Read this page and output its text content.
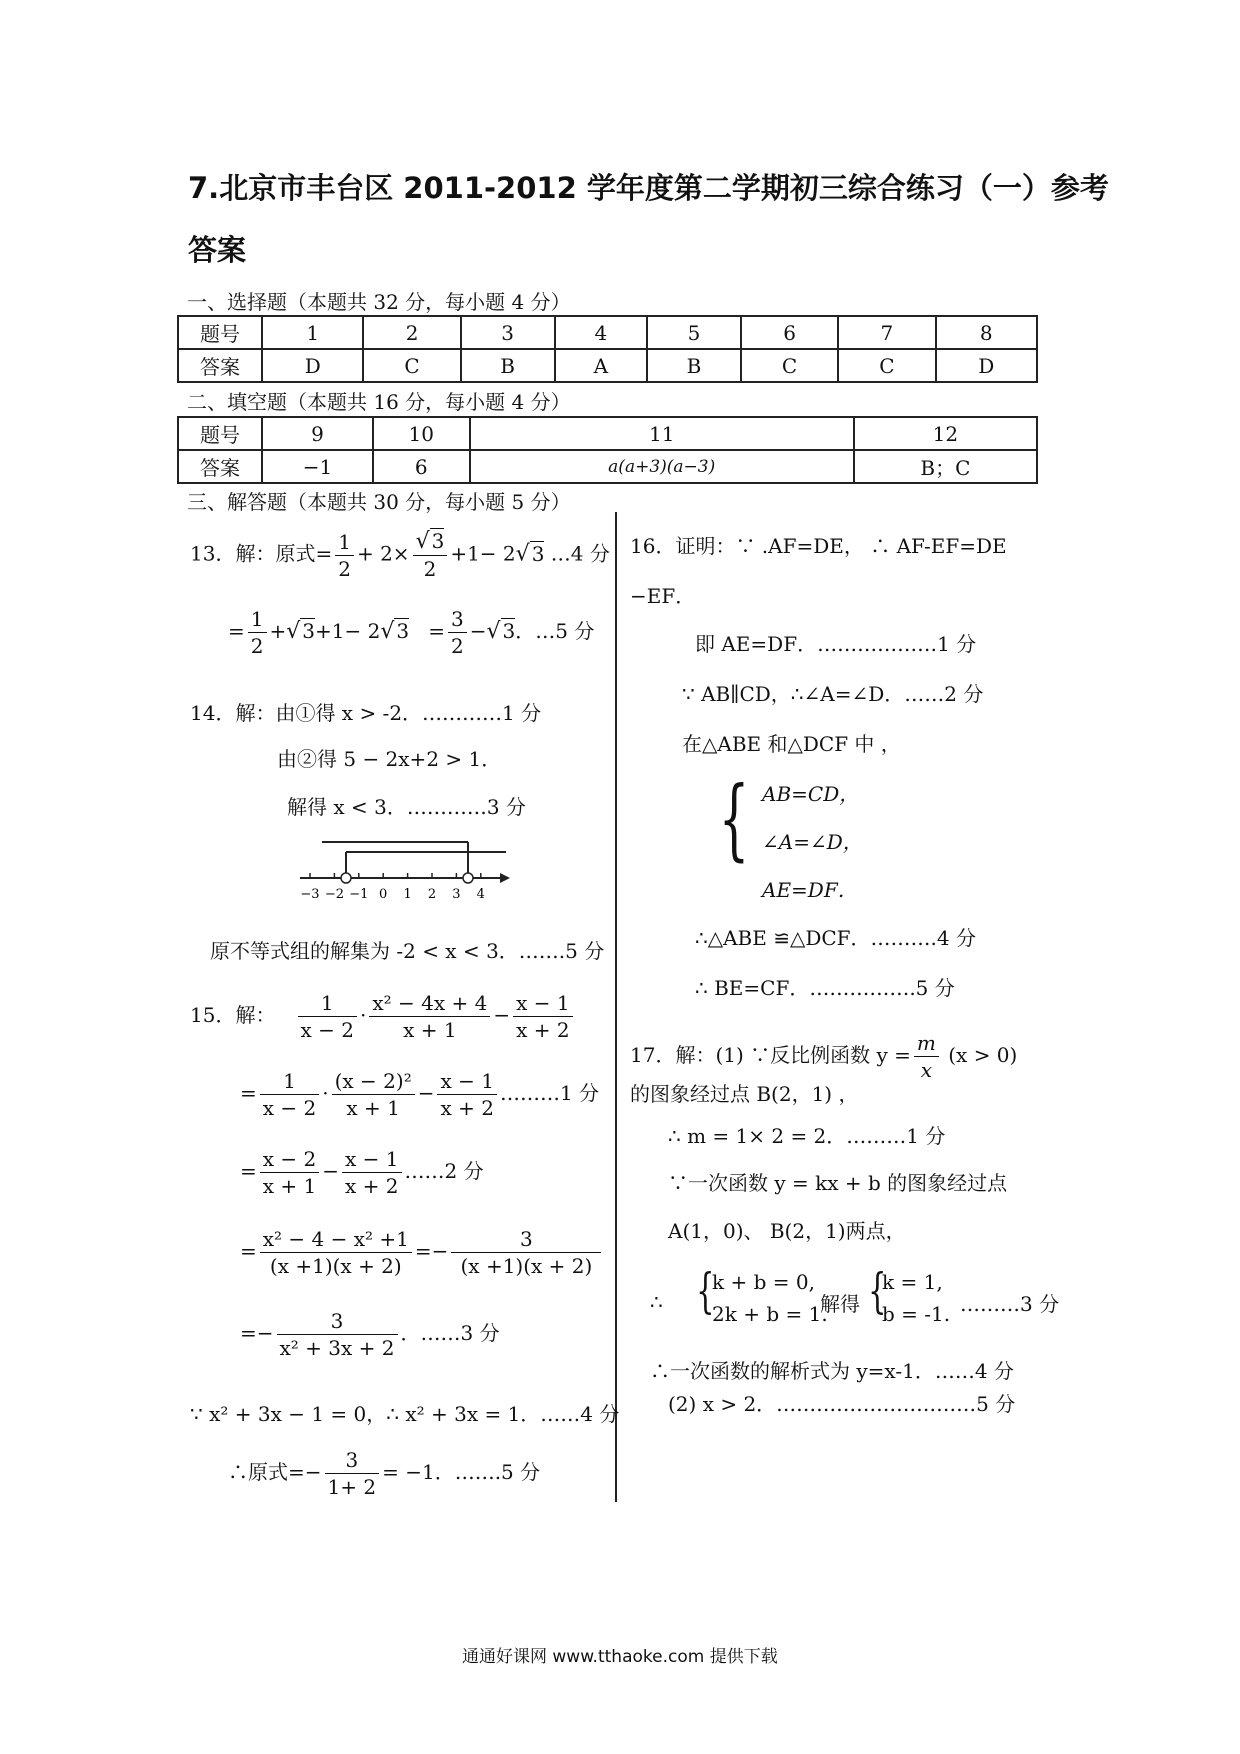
7.北京市丰台区 2011-2012 学年度第二学期初三综合练习（一）参考
答案
一、选择题（本题共 32 分，每小题 4 分）
题号	1	2	3	4	5	6	7	8
答案	D	C	B	A	B	C	C	D
二、填空题（本题共 16 分，每小题 4 分）
题号	9	10	11	12
答案	−1	6	a(a+3)(a−3)	B；C
三、解答题（本题共 30 分，每小题 5 分）
13．解：原式= $\frac{1}{2} + 2\times \frac{√ 3}{2} +1- 2√$ 3 …4 分
= $\frac{1}{2}$ +√ 3+1− 2√ $3 = \frac{3}{2}$ −√ 3．…5 分
14．解：由①得 x > -2．…………1 分
由②得 5 − 2x+2 > 1．
解得 x < 3．…………3 分
−3 −2 −1 0 1 2 3 4
原不等式组的解集为 -2 < x < 3．…….5 分
15．解： $\frac{1}{x - 2} \cdot \frac{\text{x² − 4x + 4}}{x + 1} - \frac{x - 1}{x + 2}$
= $\frac{1}{x - 2} \cdot \frac{\text{(x − 2)²}}{x + 1} - \frac{x - 1}{x + 2}$ ………1 分
= $\frac{x - 2}{x + 1} - \frac{x - 1}{x + 2}$ ……2 分
= $\frac{\text{x² − 4 − x² +1}}{(x +1)(x + 2)} =- \frac{3}{(x +1)(x + 2)}$
=− $\frac{3}{\text{x² + 3x + 2}}$ ．……3 分
∵ x² + 3x − 1 = 0，∴ x² + 3x = 1．……4 分
∴原式=− $\frac{3}{1+ 2} = -1$．…….5 分
16．证明：∵ .AF=DE， ∴ AF-EF=DE
−EF．
即 AE=DF．………………1 分
∵ AB∥CD，∴∠A=∠D．……2 分
在△ABE 和△DCF 中 ，
{ AB=CD，
∠A=∠D，
AE=DF．
∴△ABE ≌△DCF．……….4 分
∴ BE=CF．…………….5 分
17．解：(1) ∵反比例函数 $y = \frac{m}{x} (x > 0)$
的图象经过点 B(2，1) ，
∴ m = 1× 2 = 2．………1 分
∵一次函数 y = kx + b 的图象经过点
A(1，0)、 B(2，1)两点，
∴ {
k + b = 0,
2k + b = 1.
解得 {
k = 1,
b = -1. ………3 分
∴一次函数的解析式为 y=x-1．……4 分
(2) x > 2．…………………………5 分
通通好课网 www.tthaoke.com 提供下载
